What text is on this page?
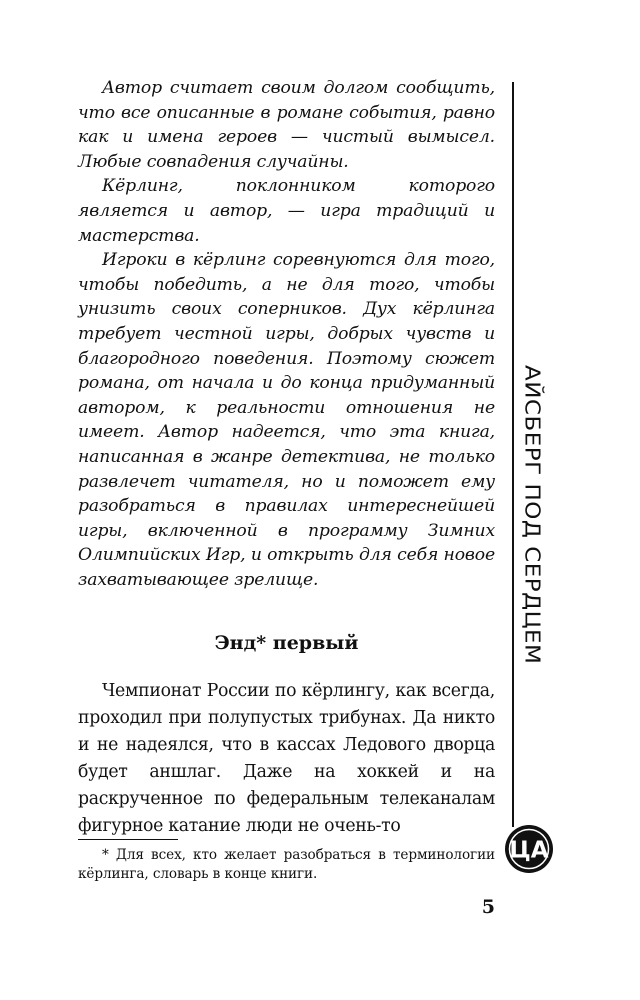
Автор считает своим долгом сообщить, что все описанные в романе события, равно как и имена героев — чистый вымысел. Любые совпадения случайны.

Кёрлинг, поклонником которого является и автор, — игра традиций и мастерства.

Игроки в кёрлинг соревнуются для того, чтобы победить, а не для того, чтобы унизить своих соперников. Дух кёрлинга требует честной игры, добрых чувств и благородного поведения. Поэтому сюжет романа, от начала и до конца придуманный автором, к реальности отношения не имеет. Автор надеется, что эта книга, написанная в жанре детектива, не только развлечет читателя, но и поможет ему разобраться в правилах интереснейшей игры, включенной в программу Зимних Олимпийских Игр, и открыть для себя новое захватывающее зрелище.

Энд* первый

Чемпионат России по кёрлингу, как всегда, проходил при полупустых трибунах. Да никто и не надеялся, что в кассах Ледового дворца будет аншлаг. Даже на хоккей и на раскрученное по федеральным телеканалам фигурное катание люди не очень-то

* Для всех, кто желает разобраться в терминологии кёрлинга, словарь в конце книги.

АЙСБЕРГ ПОД СЕРДЦЕМ
ЦА
5
